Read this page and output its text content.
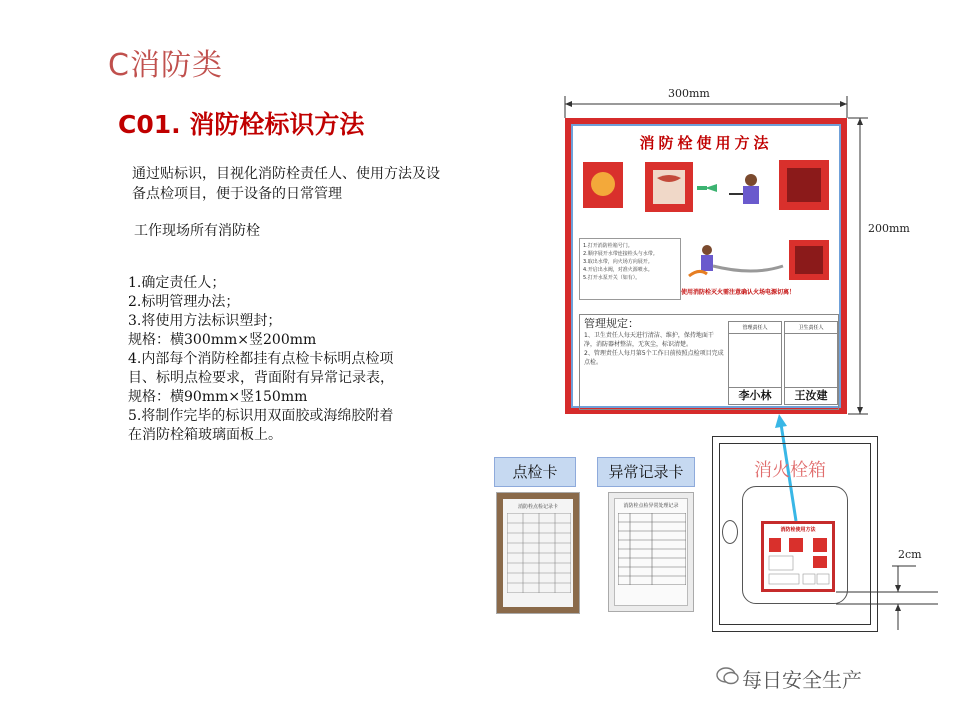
C消防类
C01. 消防栓标识方法
通过贴标识，目视化消防栓责任人、使用方法及设备点检项目，便于设备的日常管理
工作现场所有消防栓
1.确定责任人；
2.标明管理办法；
3.将使用方法标识塑封；
规格：横300mm×竖200mm
4.内部每个消防栓都挂有点检卡标明点检项
目、标明点检要求，背面附有异常记录表，
规格：横90mm×竖150mm
5.将制作完毕的标识用双面胶或海绵胶附着
在消防栓箱玻璃面板上。
300mm
200mm
2cm
消防栓使用方法
1.打开消防栓箱号门。
2.顺序展开水带连接栓头与水带。
3.取出水带，向火场方向展开。
4.开启出水阀，对准火源喷水。
5.打开水泵开关（如有）。
使用消防栓灭火需注意确认火场电源切离！
管理规定：
1、卫生责任人每天进行清洁、维护，保持地面干净，消防器材整洁，无灰尘，标识清楚。
2、管理责任人每月第5个工作日前按照点检项目完成点检。
管理责任人
李小林
卫生责任人
王汝建
点检卡	异常记录卡
消防栓点检记录卡	消防栓点检异常处理记录
消火栓箱
消防栓使用方法
每日安全生产
